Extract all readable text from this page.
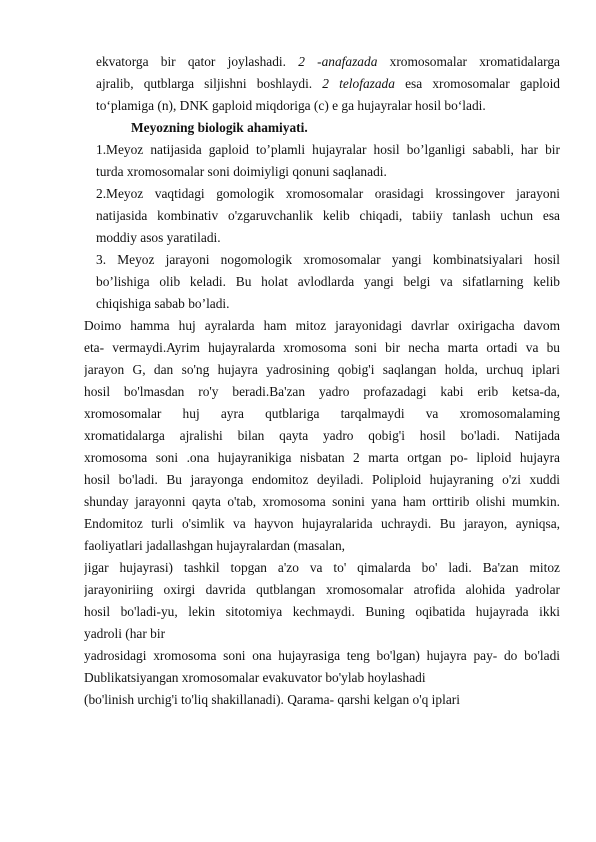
ekvatorga bir qator joylashadi. 2 -anafazada xromosomalar xromatidalarga
ajralib, qutblarga siljishni boshlaydi. 2 telofazada esa xromosomalar gaploid
to‘plamiga (n), DNK gaploid miqdoriga (c) e ga hujayralar hosil bo‘ladi.
Meyozning biologik ahamiyati.
1.Meyoz natijasida gaploid to’plamli hujayralar hosil bo’lganligi sababli, har bir
turda xromosomalar soni doimiyligi qonuni saqlanadi.
2.Meyoz vaqtidagi gomologik xromosomalar orasidagi krossingover jarayoni
natijasida kombinativ o'zgaruvchanlik kelib chiqadi, tabiiy tanlash uchun esa
moddiy asos yaratiladi.
3. Meyoz jarayoni nogomologik xromosomalar yangi kombinatsiyalari hosil
bo’lishiga olib keladi. Bu holat avlodlarda yangi belgi va sifatlarning kelib
chiqishiga sabab bo’ladi.
Doimo hamma huj ayralarda ham mitoz jarayonidagi davrlar oxirigacha davom
eta- vermaydi.Ayrim hujayralarda xromosoma soni bir necha marta ortadi va bu
jarayon G, dan so'ng hujayra yadrosining qobig'i saqlangan holda, urchuq iplari
hosil bo'lmasdan ro'y beradi.Ba'zan yadro profazadagi kabi erib ketsa-da,
xromosomalar huj ayra qutblariga tarqalmaydi va xromosomalaming
xromatidalarga ajralishi bilan qayta yadro qobig'i hosil bo'ladi. Natijada
xromosoma soni .ona hujayranikiga nisbatan 2 marta ortgan po- liploid hujayra
hosil bo'ladi. Bu jarayonga endomitoz deyiladi. Poliploid hujayraning o'zi xuddi
shunday jarayonni qayta o'tab, xromosoma sonini yana ham orttirib olishi mumkin.
Endomitoz turli o'simlik va hayvon hujayralarida uchraydi. Bu jarayon, ayniqsa,
faoliyatlari jadallashgan hujayralardan (masalan,
jigar hujayrasi) tashkil topgan a'zo va to' qimalarda bo' ladi. Ba'zan mitoz
jarayoniriing oxirgi davrida qutblangan xromosomalar atrofida alohida yadrolar
hosil bo'ladi-yu, lekin sitotomiya kechmaydi. Buning oqibatida hujayrada ikki
yadroli (har bir
yadrosidagi xromosoma soni ona hujayrasiga teng bo'lgan) hujayra pay- do bo'ladi
Dublikatsiyangan xromosomalar evakuvator bo'ylab hoylashadi
(bo'linish urchig'i to'liq shakillanadi). Qarama- qarshi kelgan o'q iplari
